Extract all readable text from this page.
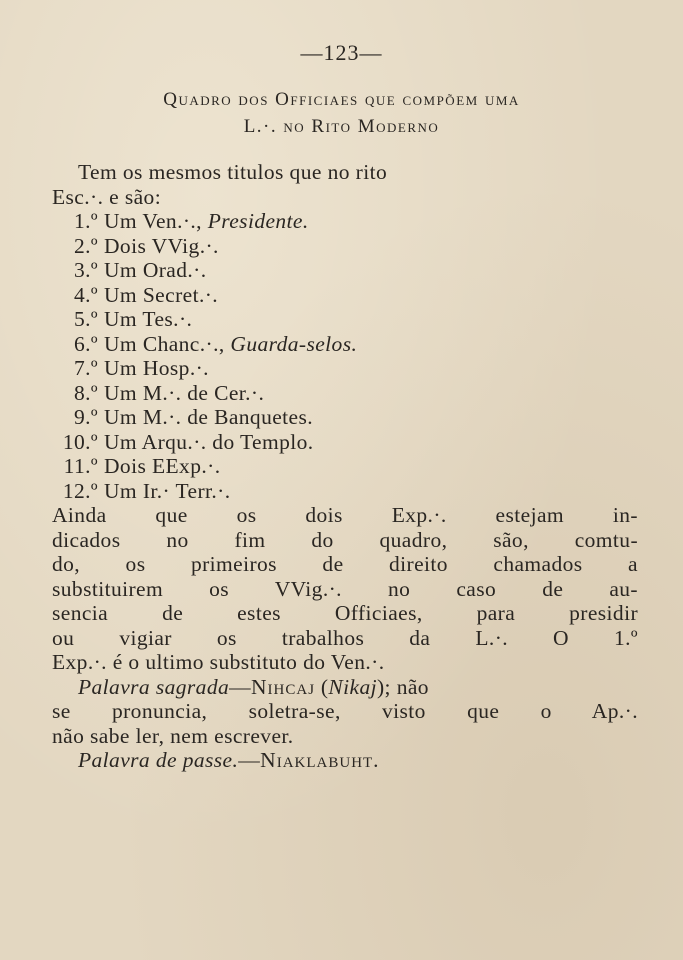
—123—
Quadro dos Officiaes que compõem uma
L.·. no Rito Moderno
Tem os mesmos titulos que no rito
Esc.·. e são:
1.º Um Ven.·., Presidente.
2.º Dois VVig.·.
3.º Um Orad.·.
4.º Um Secret.·.
5.º Um Tes.·.
6.º Um Chanc.·., Guarda-selos.
7.º Um Hosp.·.
8.º Um M.·. de Cer.·.
9.º Um M.·. de Banquetes.
10.º Um Arqu.·. do Templo.
11.º Dois EExp.·.
12.º Um Ir.· Terr.·.
Ainda que os dois Exp.·. estejam in-
dicados no fim do quadro, são, comtu-
do, os primeiros de direito chamados a
substituirem os VVig.·. no caso de au-
sencia de estes Officiaes, para presidir
ou vigiar os trabalhos da L.·. O 1.º
Exp.·. é o ultimo substituto do Ven.·.
Palavra sagrada—Nihcaj (Nikaj); não
se pronuncia, soletra-se, visto que o Ap.·.
não sabe ler, nem escrever.
Palavra de passe.—Niaklabuht.
